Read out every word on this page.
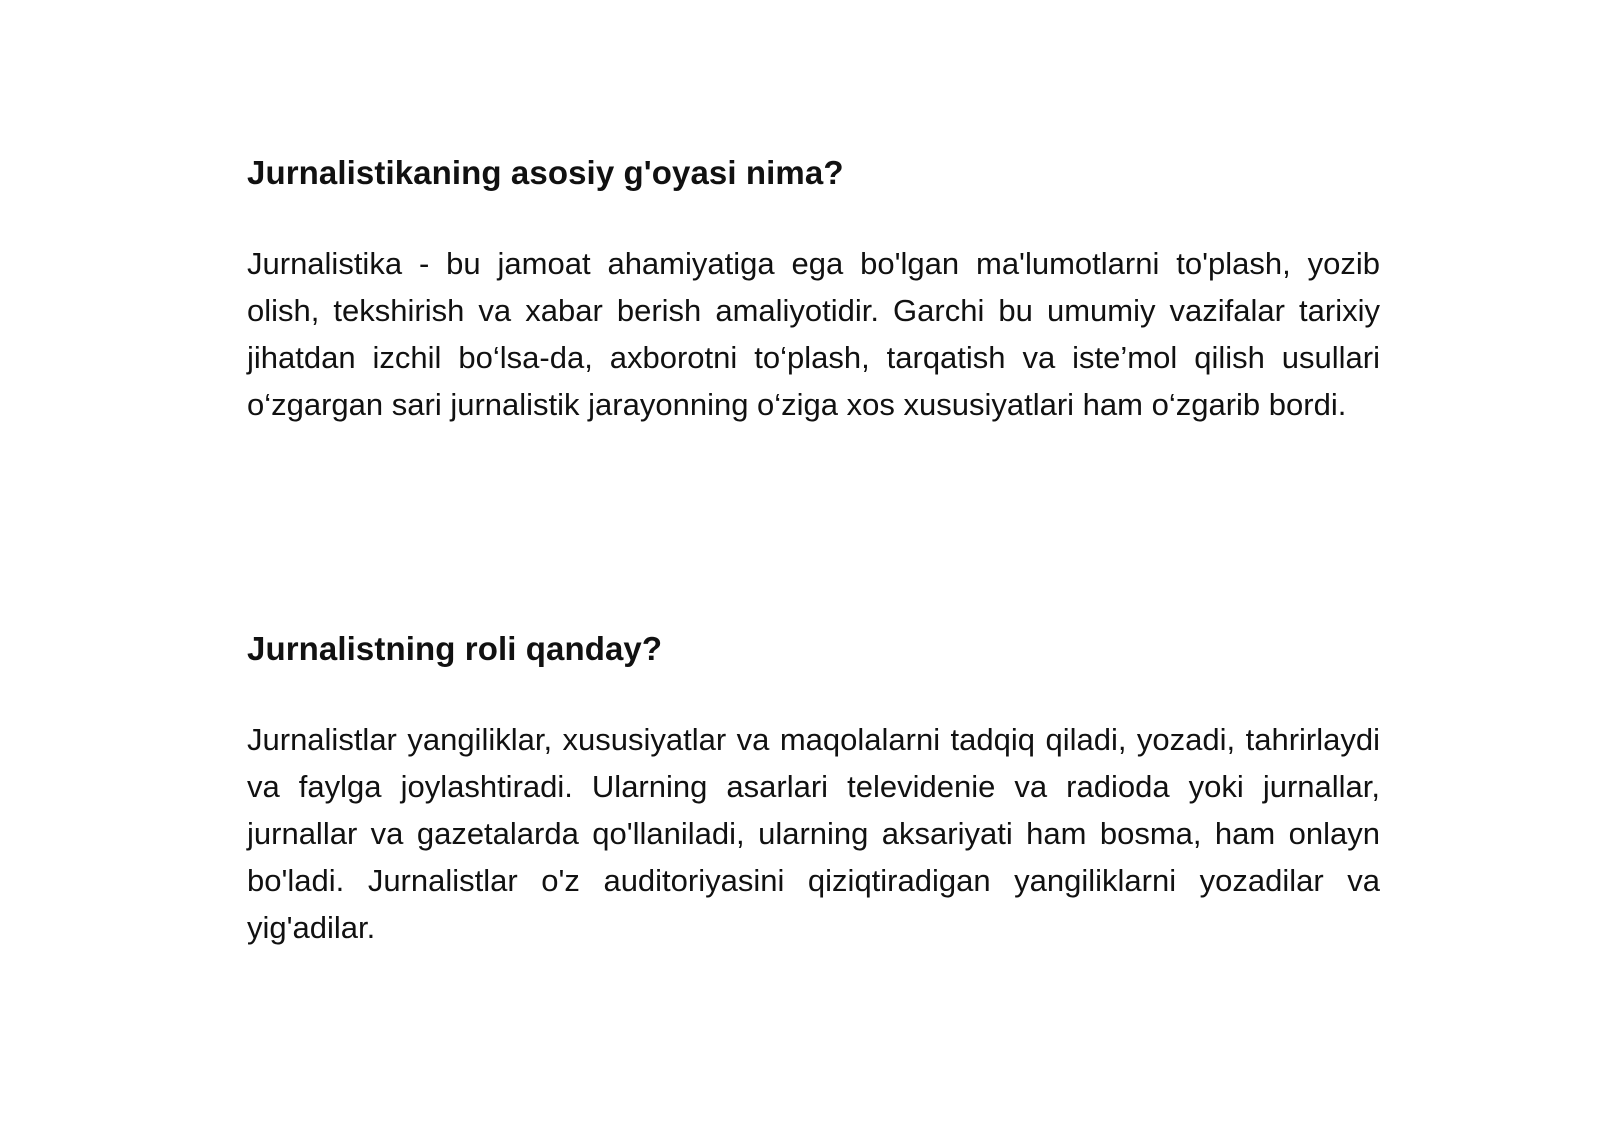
Jurnalistikaning asosiy g'oyasi nima?

Jurnalistika - bu jamoat ahamiyatiga ega bo'lgan ma'lumotlarni to'plash, yozib olish, tekshirish va xabar berish amaliyotidir. Garchi bu umumiy vazifalar tarixiy jihatdan izchil bo‘lsa-da, axborotni to‘plash, tarqatish va iste’mol qilish usullari o‘zgargan sari jurnalistik jarayonning o‘ziga xos xususiyatlari ham o‘zgarib bordi.

Jurnalistning roli qanday?

Jurnalistlar yangiliklar, xususiyatlar va maqolalarni tadqiq qiladi, yozadi, tahrirlaydi va faylga joylashtiradi. Ularning asarlari televidenie va radioda yoki jurnallar, jurnallar va gazetalarda qo'llaniladi, ularning aksariyati ham bosma, ham onlayn bo'ladi. Jurnalistlar o'z auditoriyasini qiziqtiradigan yangiliklarni yozadilar va yig'adilar.
